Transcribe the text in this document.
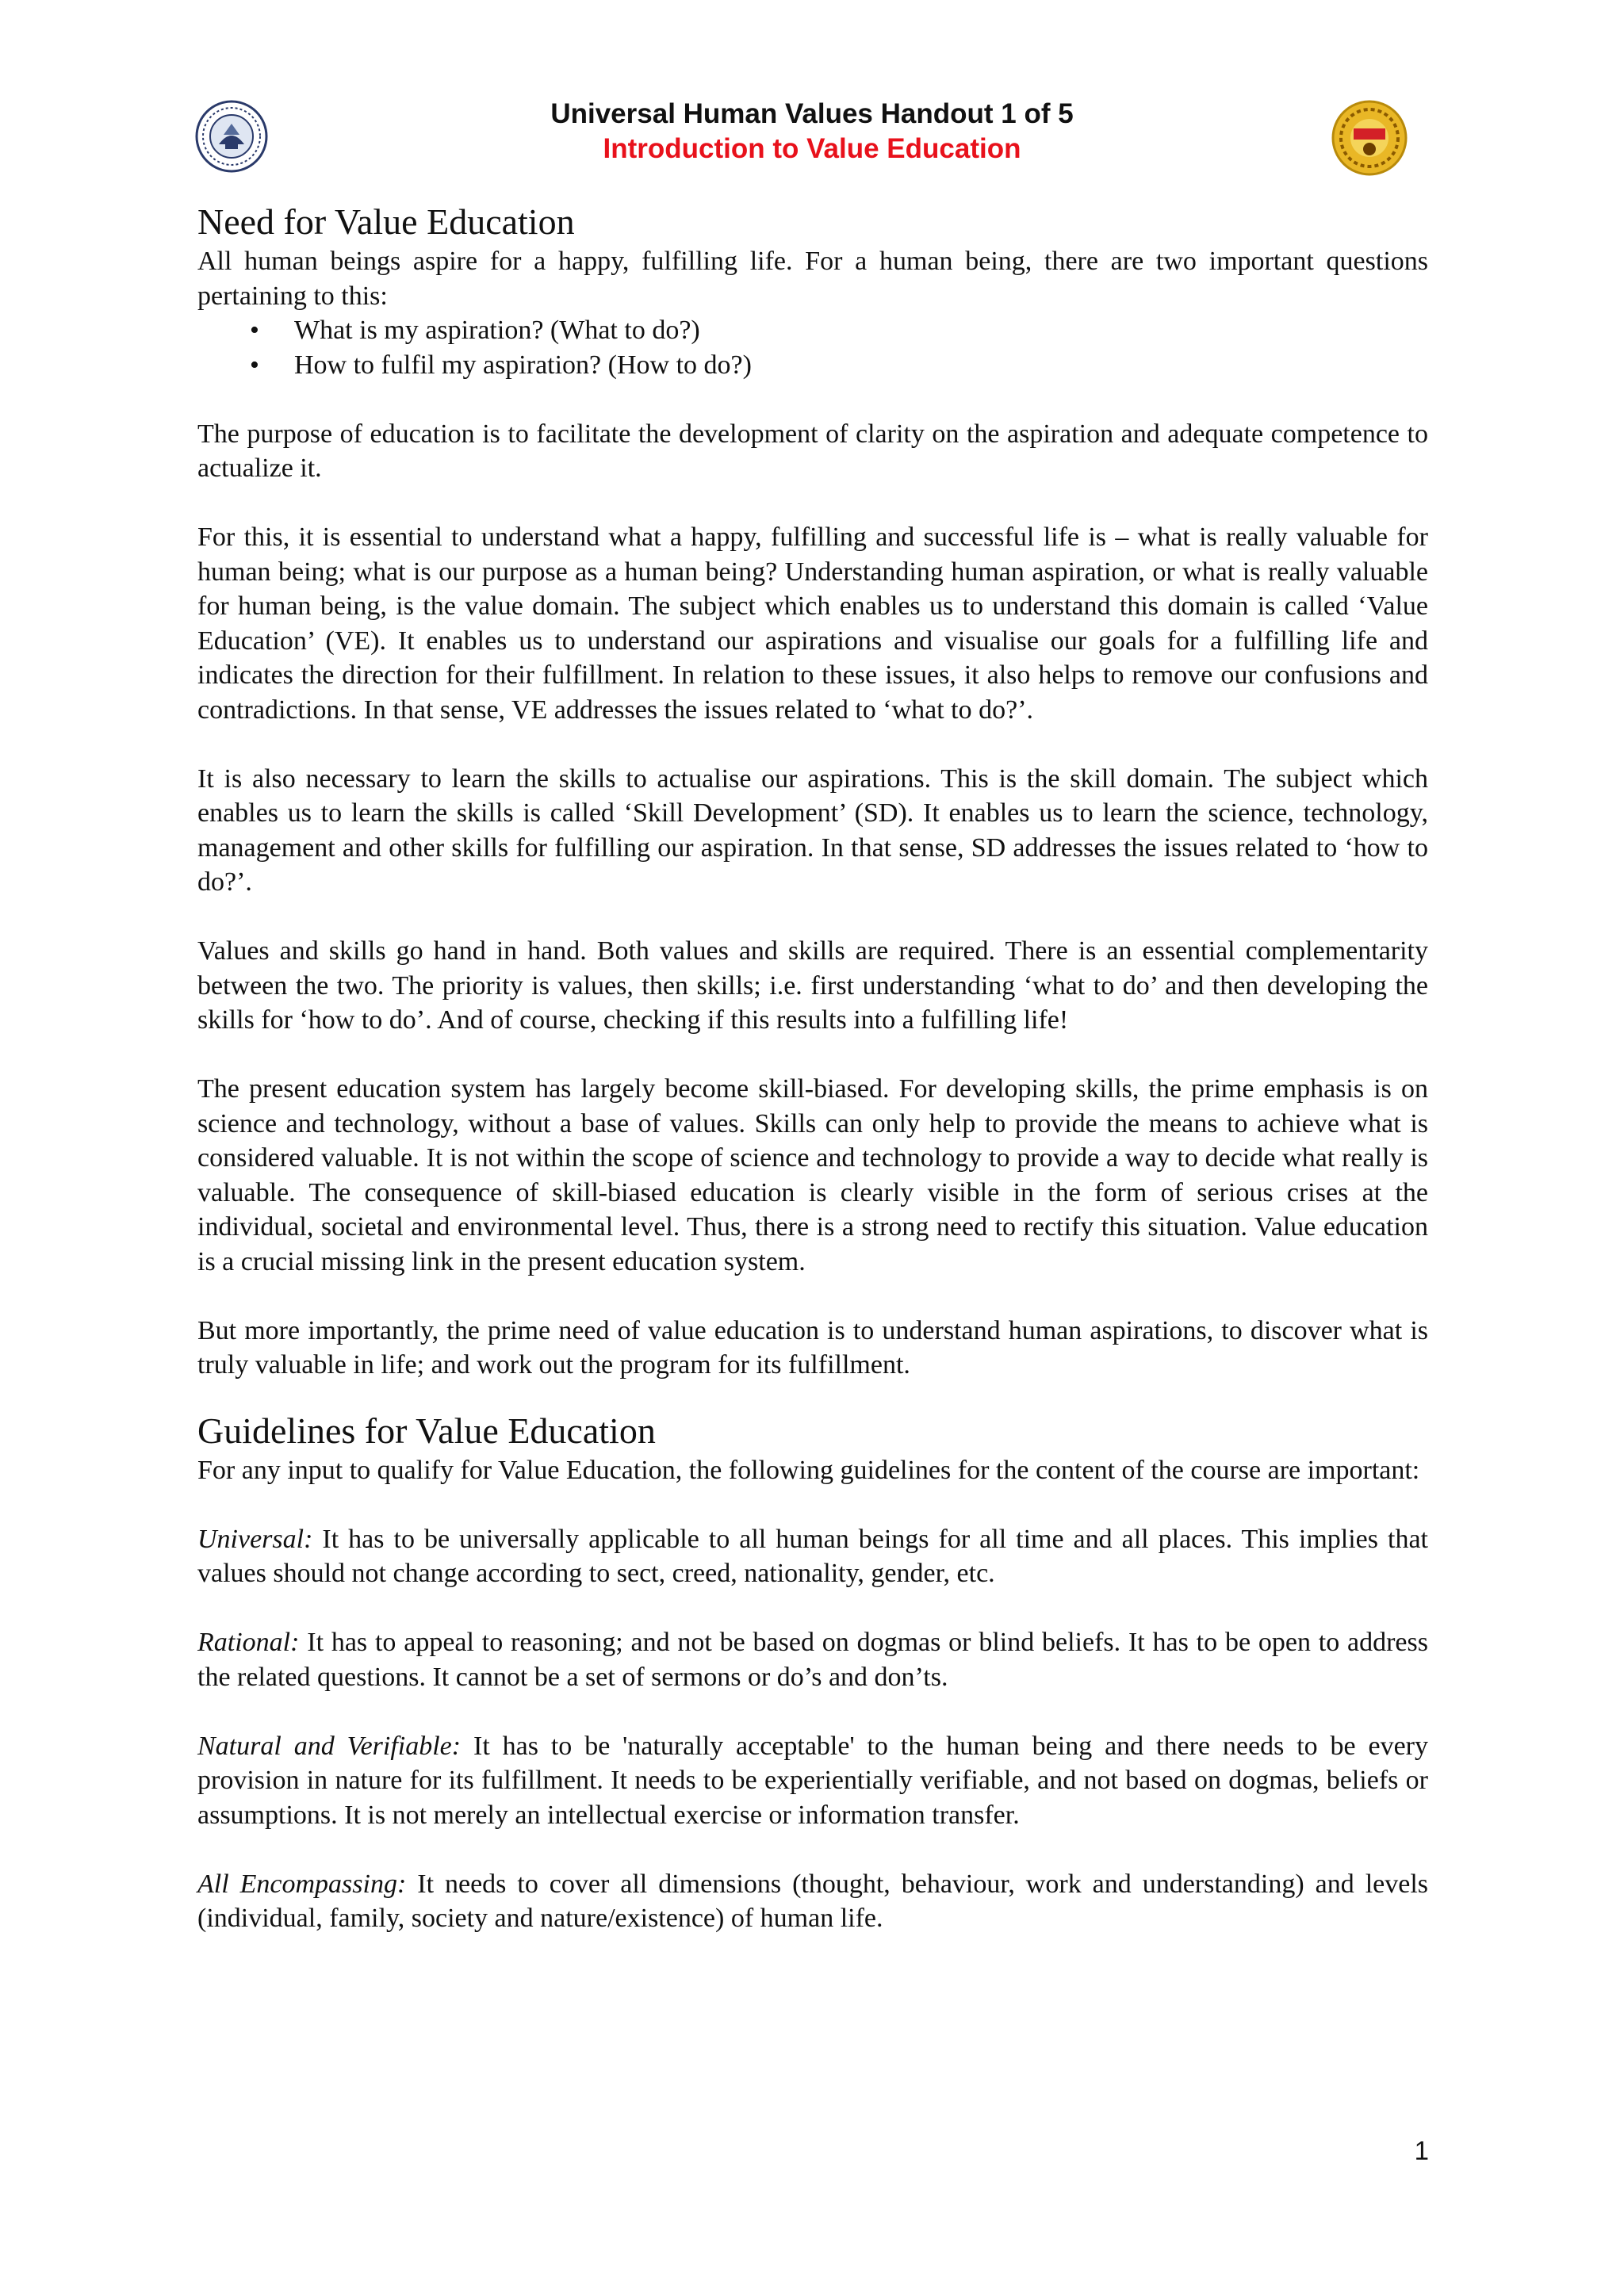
Universal Human Values Handout 1 of 5
Introduction to Value Education
Need for Value Education

All human beings aspire for a happy, fulfilling life. For a human being, there are two important questions pertaining to this:

• What is my aspiration? (What to do?)
• How to fulfil my aspiration? (How to do?)

The purpose of education is to facilitate the development of clarity on the aspiration and adequate competence to actualize it.

For this, it is essential to understand what a happy, fulfilling and successful life is – what is really valuable for human being; what is our purpose as a human being? Understanding human aspiration, or what is really valuable for human being, is the value domain. The subject which enables us to understand this domain is called ‘Value Education’ (VE). It enables us to understand our aspirations and visualise our goals for a fulfilling life and indicates the direction for their fulfillment. In relation to these issues, it also helps to remove our confusions and contradictions. In that sense, VE addresses the issues related to ‘what to do?’.

It is also necessary to learn the skills to actualise our aspirations. This is the skill domain. The subject which enables us to learn the skills is called ‘Skill Development’ (SD). It enables us to learn the science, technology, management and other skills for fulfilling our aspiration. In that sense, SD addresses the issues related to ‘how to do?’.

Values and skills go hand in hand. Both values and skills are required. There is an essential complementarity between the two. The priority is values, then skills; i.e. first understanding ‘what to do’ and then developing the skills for ‘how to do’. And of course, checking if this results into a fulfilling life!

The present education system has largely become skill-biased. For developing skills, the prime emphasis is on science and technology, without a base of values. Skills can only help to provide the means to achieve what is considered valuable. It is not within the scope of science and technology to provide a way to decide what really is valuable. The consequence of skill-biased education is clearly visible in the form of serious crises at the individual, societal and environmental level. Thus, there is a strong need to rectify this situation. Value education is a crucial missing link in the present education system.

But more importantly, the prime need of value education is to understand human aspirations, to discover what is truly valuable in life; and work out the program for its fulfillment.

Guidelines for Value Education

For any input to qualify for Value Education, the following guidelines for the content of the course are important:

Universal: It has to be universally applicable to all human beings for all time and all places. This implies that values should not change according to sect, creed, nationality, gender, etc.

Rational: It has to appeal to reasoning; and not be based on dogmas or blind beliefs. It has to be open to address the related questions. It cannot be a set of sermons or do’s and don’ts.

Natural and Verifiable: It has to be 'naturally acceptable' to the human being and there needs to be every provision in nature for its fulfillment. It needs to be experientially verifiable, and not based on dogmas, beliefs or assumptions. It is not merely an intellectual exercise or information transfer.

All Encompassing: It needs to cover all dimensions (thought, behaviour, work and understanding) and levels (individual, family, society and nature/existence) of human life.

1
